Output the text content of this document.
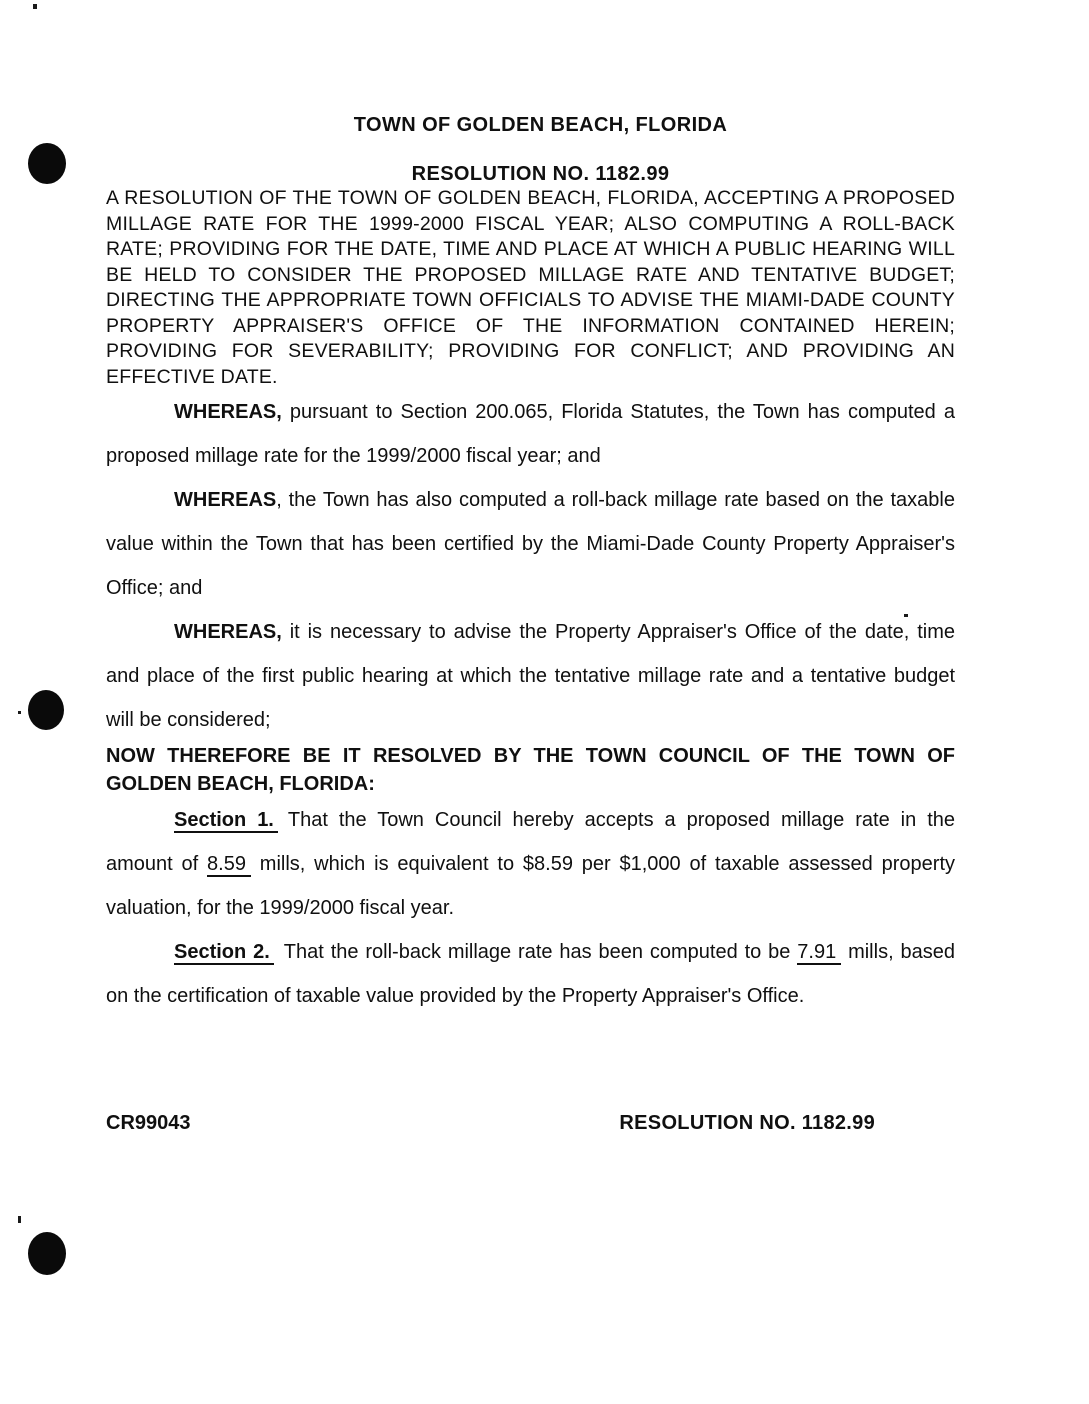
TOWN OF GOLDEN BEACH, FLORIDA
RESOLUTION NO. 1182.99

A RESOLUTION OF THE TOWN OF GOLDEN BEACH, FLORIDA, ACCEPTING A PROPOSED MILLAGE RATE FOR THE 1999-2000 FISCAL YEAR; ALSO COMPUTING A ROLL-BACK RATE; PROVIDING FOR THE DATE, TIME AND PLACE AT WHICH A PUBLIC HEARING WILL BE HELD TO CONSIDER THE PROPOSED MILLAGE RATE AND TENTATIVE BUDGET; DIRECTING THE APPROPRIATE TOWN OFFICIALS TO ADVISE THE MIAMI-DADE COUNTY PROPERTY APPRAISER'S OFFICE OF THE INFORMATION CONTAINED HEREIN; PROVIDING FOR SEVERABILITY; PROVIDING FOR CONFLICT; AND PROVIDING AN EFFECTIVE DATE.

WHEREAS, pursuant to Section 200.065, Florida Statutes, the Town has computed a proposed millage rate for the 1999/2000 fiscal year; and

WHEREAS, the Town has also computed a roll-back millage rate based on the taxable value within the Town that has been certified by the Miami-Dade County Property Appraiser's Office; and

WHEREAS, it is necessary to advise the Property Appraiser's Office of the date, time and place of the first public hearing at which the tentative millage rate and a tentative budget will be considered;

NOW THEREFORE BE IT RESOLVED BY THE TOWN COUNCIL OF THE TOWN OF GOLDEN BEACH, FLORIDA:

Section 1. That the Town Council hereby accepts a proposed millage rate in the amount of 8.59 mills, which is equivalent to $8.59 per $1,000 of taxable assessed property valuation, for the 1999/2000 fiscal year.

Section 2. That the roll-back millage rate has been computed to be 7.91 mills, based on the certification of taxable value provided by the Property Appraiser's Office.

CR99043	RESOLUTION NO. 1182.99
